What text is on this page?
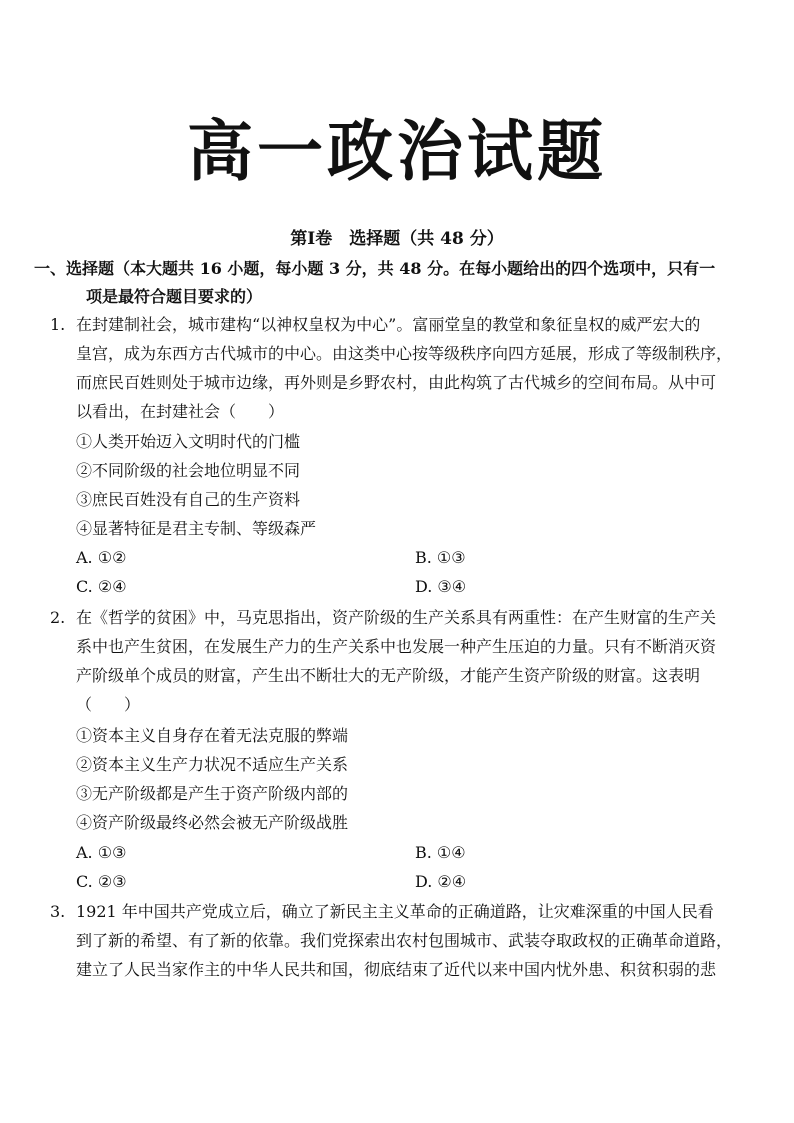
高一政治试题
第Ⅰ卷　选择题（共 48 分）
一、选择题（本大题共 16 小题，每小题 3 分，共 48 分。在每小题给出的四个选项中，只有一
项是最符合题目要求的）
1. 在封建制社会，城市建构“以神权皇权为中心”。富丽堂皇的教堂和象征皇权的威严宏大的
皇宫，成为东西方古代城市的中心。由这类中心按等级秩序向四方延展，形成了等级制秩序，
而庶民百姓则处于城市边缘，再外则是乡野农村，由此构筑了古代城乡的空间布局。从中可
以看出，在封建社会（　　）
①人类开始迈入文明时代的门槛
②不同阶级的社会地位明显不同
③庶民百姓没有自己的生产资料
④显著特征是君主专制、等级森严
A. ①②	B. ①③
C. ②④	D. ③④
2. 在《哲学的贫困》中，马克思指出，资产阶级的生产关系具有两重性：在产生财富的生产关
系中也产生贫困，在发展生产力的生产关系中也发展一种产生压迫的力量。只有不断消灭资
产阶级单个成员的财富，产生出不断壮大的无产阶级，才能产生资产阶级的财富。这表明
（　　）
①资本主义自身存在着无法克服的弊端
②资本主义生产力状况不适应生产关系
③无产阶级都是产生于资产阶级内部的
④资产阶级最终必然会被无产阶级战胜
A. ①③	B. ①④
C. ②③	D. ②④
3. 1921 年中国共产党成立后，确立了新民主主义革命的正确道路，让灾难深重的中国人民看
到了新的希望、有了新的依靠。我们党探索出农村包围城市、武装夺取政权的正确革命道路，
建立了人民当家作主的中华人民共和国，彻底结束了近代以来中国内忧外患、积贫积弱的悲
